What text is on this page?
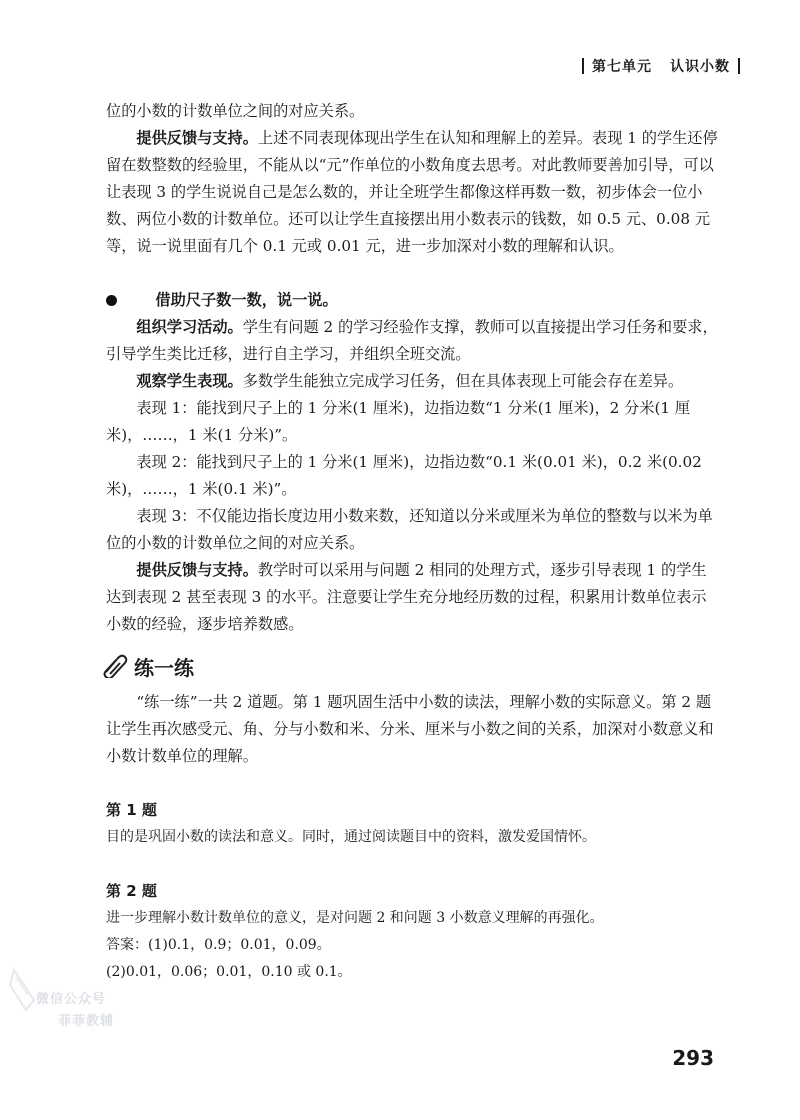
第七单元 认识小数

位的小数的计数单位之间的对应关系。

提供反馈与支持。上述不同表现体现出学生在认知和理解上的差异。表现 1 的学生还停留在数整数的经验里，不能从以“元”作单位的小数角度去思考。对此教师要善加引导，可以让表现 3 的学生说说自己是怎么数的，并让全班学生都像这样再数一数，初步体会一位小数、两位小数的计数单位。还可以让学生直接摆出用小数表示的钱数，如 0.5 元、0.08 元等，说一说里面有几个 0.1 元或 0.01 元，进一步加深对小数的理解和认识。

借助尺子数一数，说一说。

组织学习活动。学生有问题 2 的学习经验作支撑，教师可以直接提出学习任务和要求，引导学生类比迁移，进行自主学习，并组织全班交流。

观察学生表现。多数学生能独立完成学习任务，但在具体表现上可能会存在差异。

表现 1：能找到尺子上的 1 分米(1 厘米)，边指边数“1 分米(1 厘米)，2 分米(1 厘米)，……，1 米(1 分米)”。

表现 2：能找到尺子上的 1 分米(1 厘米)，边指边数“0.1 米(0.01 米)，0.2 米(0.02 米)，……，1 米(0.1 米)”。

表现 3：不仅能边指长度边用小数来数，还知道以分米或厘米为单位的整数与以米为单位的小数的计数单位之间的对应关系。

提供反馈与支持。教学时可以采用与问题 2 相同的处理方式，逐步引导表现 1 的学生达到表现 2 甚至表现 3 的水平。注意要让学生充分地经历数的过程，积累用计数单位表示小数的经验，逐步培养数感。

练一练

“练一练”一共 2 道题。第 1 题巩固生活中小数的读法，理解小数的实际意义。第 2 题让学生再次感受元、角、分与小数和米、分米、厘米与小数之间的关系，加深对小数意义和小数计数单位的理解。

第 1 题

目的是巩固小数的读法和意义。同时，通过阅读题目中的资料，激发爱国情怀。

第 2 题

进一步理解小数计数单位的意义，是对问题 2 和问题 3 小数意义理解的再强化。

答案：(1)0.1，0.9；0.01，0.09。

(2)0.01，0.06；0.01，0.10 或 0.1。

微信公众号
菲菲教辅
293
